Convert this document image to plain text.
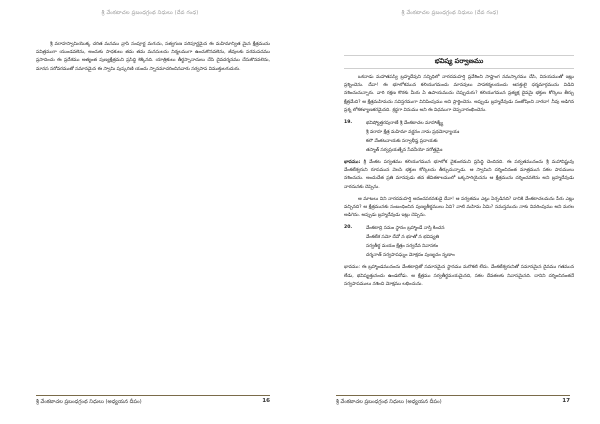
శ్రీ వేంకటాచల ప్రబంధగ్రంథ నిధులు (దేవ గంధ)

శ్రీ వరాహస్వామియొక్క చరిత మనము వ్రాసి సంపూర్ణ మగును, సత్వగుణ పరిపూర్ణమైన ఈ మహిమాన్విత మైన క్షేత్రమును పవిత్రముగా యుండవలెను, అందుకు సాధకులు తమ తమ మనసులను నిర్మలముగా ఉంచుకొనవలెను, జీవులకు పరమపదము ప్రసాదించు ఈ ప్రదేశము అత్యంత పుణ్యక్షేత్రమని ప్రసిద్ధి కెక్కినది. యాత్రికులు తీర్థస్నానాదులు చేసి దైవదర్శనము చేసుకొనవలెను, మానస సరోవరముతో సమానమైన ఈ స్వామి పుష్కరిణి యందు స్నానమాచరించినవారు సర్వపాప విముక్తులగుదురు.

శ్రీ వేంకటాచల ప్రబంధగ్రంథ నిధులు (అధ్యయన దీపం)	16
శ్రీ వేంకటాచల ప్రబంధగ్రంథ నిధులు (దేవ గంధ)
భవిష్య పర్వాణము

ఒకనాడు మహాతపస్వి బ్రహ్మదేవుని సన్నిధిలో నారదమహర్షి ప్రవేశించి సాష్టాంగ నమస్కారము చేసి, వినయముతో ఇట్లు ప్రశ్నించెను. దేవా! ఈ భూలోకమున కలియుగమందు మానవులు పాపకర్మలయందు ఆసక్తులై ధర్మమార్గమును విడిచి నశించుచున్నారు. వారి రక్షణ కొరకు మీరు ఏ ఉపాయమును చెప్పుదురు? కలియుగమున ప్రత్యక్ష దైవమై భక్తుల కోర్కెలు తీర్చు క్షేత్రమేది? ఆ క్షేత్రమహిమను సవిస్తరముగా వినిపింపుము అని ప్రార్థించెను. అప్పుడు బ్రహ్మదేవుడు సంతోషించి నారదా! నీవు అడిగిన ప్రశ్న లోకకళ్యాణకరమైనది. శ్రద్ధగా వినుము అని ఈ విధముగా చెప్పనారంభించెను.

19.	భవిష్యోత్తరపురాణే శ్రీ వేంకటాచల మాహాత్మ్యే
శ్రీ వరాహ క్షేత్ర మహిమా వర్ణనం నామ ప్రథమోధ్యాయః
కలౌ వేంకటనాయకః సర్వాభీష్ట ప్రదాయకః
తస్మాత్ సర్వప్రయత్నేన సేవనీయో నరోత్తమైః

భావము: శ్రీ వేంకట పర్వతము కలియుగమున భూలోక వైకుంఠమని ప్రసిద్ధి చెందినది. ఈ పర్వతమునందు శ్రీ మహావిష్ణువు వేంకటేశ్వరుని రూపమున వెలసి భక్తుల కోర్కెలను తీర్చుచున్నాడు. ఆ స్వామిని దర్శించినంత మాత్రమున సకల పాపములు నశించును. అందుచేత ప్రతి మానవుడు తన జీవితకాలములో ఒక్కసారియైనను ఆ క్షేత్రమును దర్శించవలెను అని బ్రహ్మదేవుడు నారదునకు చెప్పెను.

ఆ మాటలు విని నారదమహర్షి ఆనందపరవశుడై దేవా! ఆ పర్వతము ఎట్లు ఏర్పడినది? దానికి వేంకటాచలమను పేరు ఎట్లు వచ్చినది? ఆ క్షేత్రమునకు సంబంధించిన పుణ్యతీర్థములు ఏవి? వాటి మహిమ ఏమి? సమస్తమును నాకు వివరింపుము అని మరల అడిగెను. అప్పుడు బ్రహ్మదేవుడు ఇట్లు చెప్పెను.

20.	వేంకటాద్రి సమం స్థానం బ్రహ్మాండే నాస్తి కించన
వేంకటేశ సమో దేవో న భూతో న భవిష్యతి
సర్వతీర్థ మయం క్షేత్రం సర్వదేవ నివాసకం
దర్శనాత్ సర్వపాపఘ్నం మోక్షదం పుణ్యదం నృణాం

భావము: ఈ బ్రహ్మాండమునందు వేంకటాద్రితో సమానమైన స్థానము మరొకటి లేదు. వేంకటేశ్వరునితో సమానమైన దైవము గతమున లేడు, భవిష్యత్తునందు ఉండబోడు. ఆ క్షేత్రము సర్వతీర్థమయమైనది, సకల దేవతలకు నివాసమైనది. దానిని దర్శించినంతనే సర్వపాపములు నశించి మోక్షము లభించును.

శ్రీ వేంకటాచల ప్రబంధగ్రంథ నిధులు (అధ్యయన దీపం)	17
